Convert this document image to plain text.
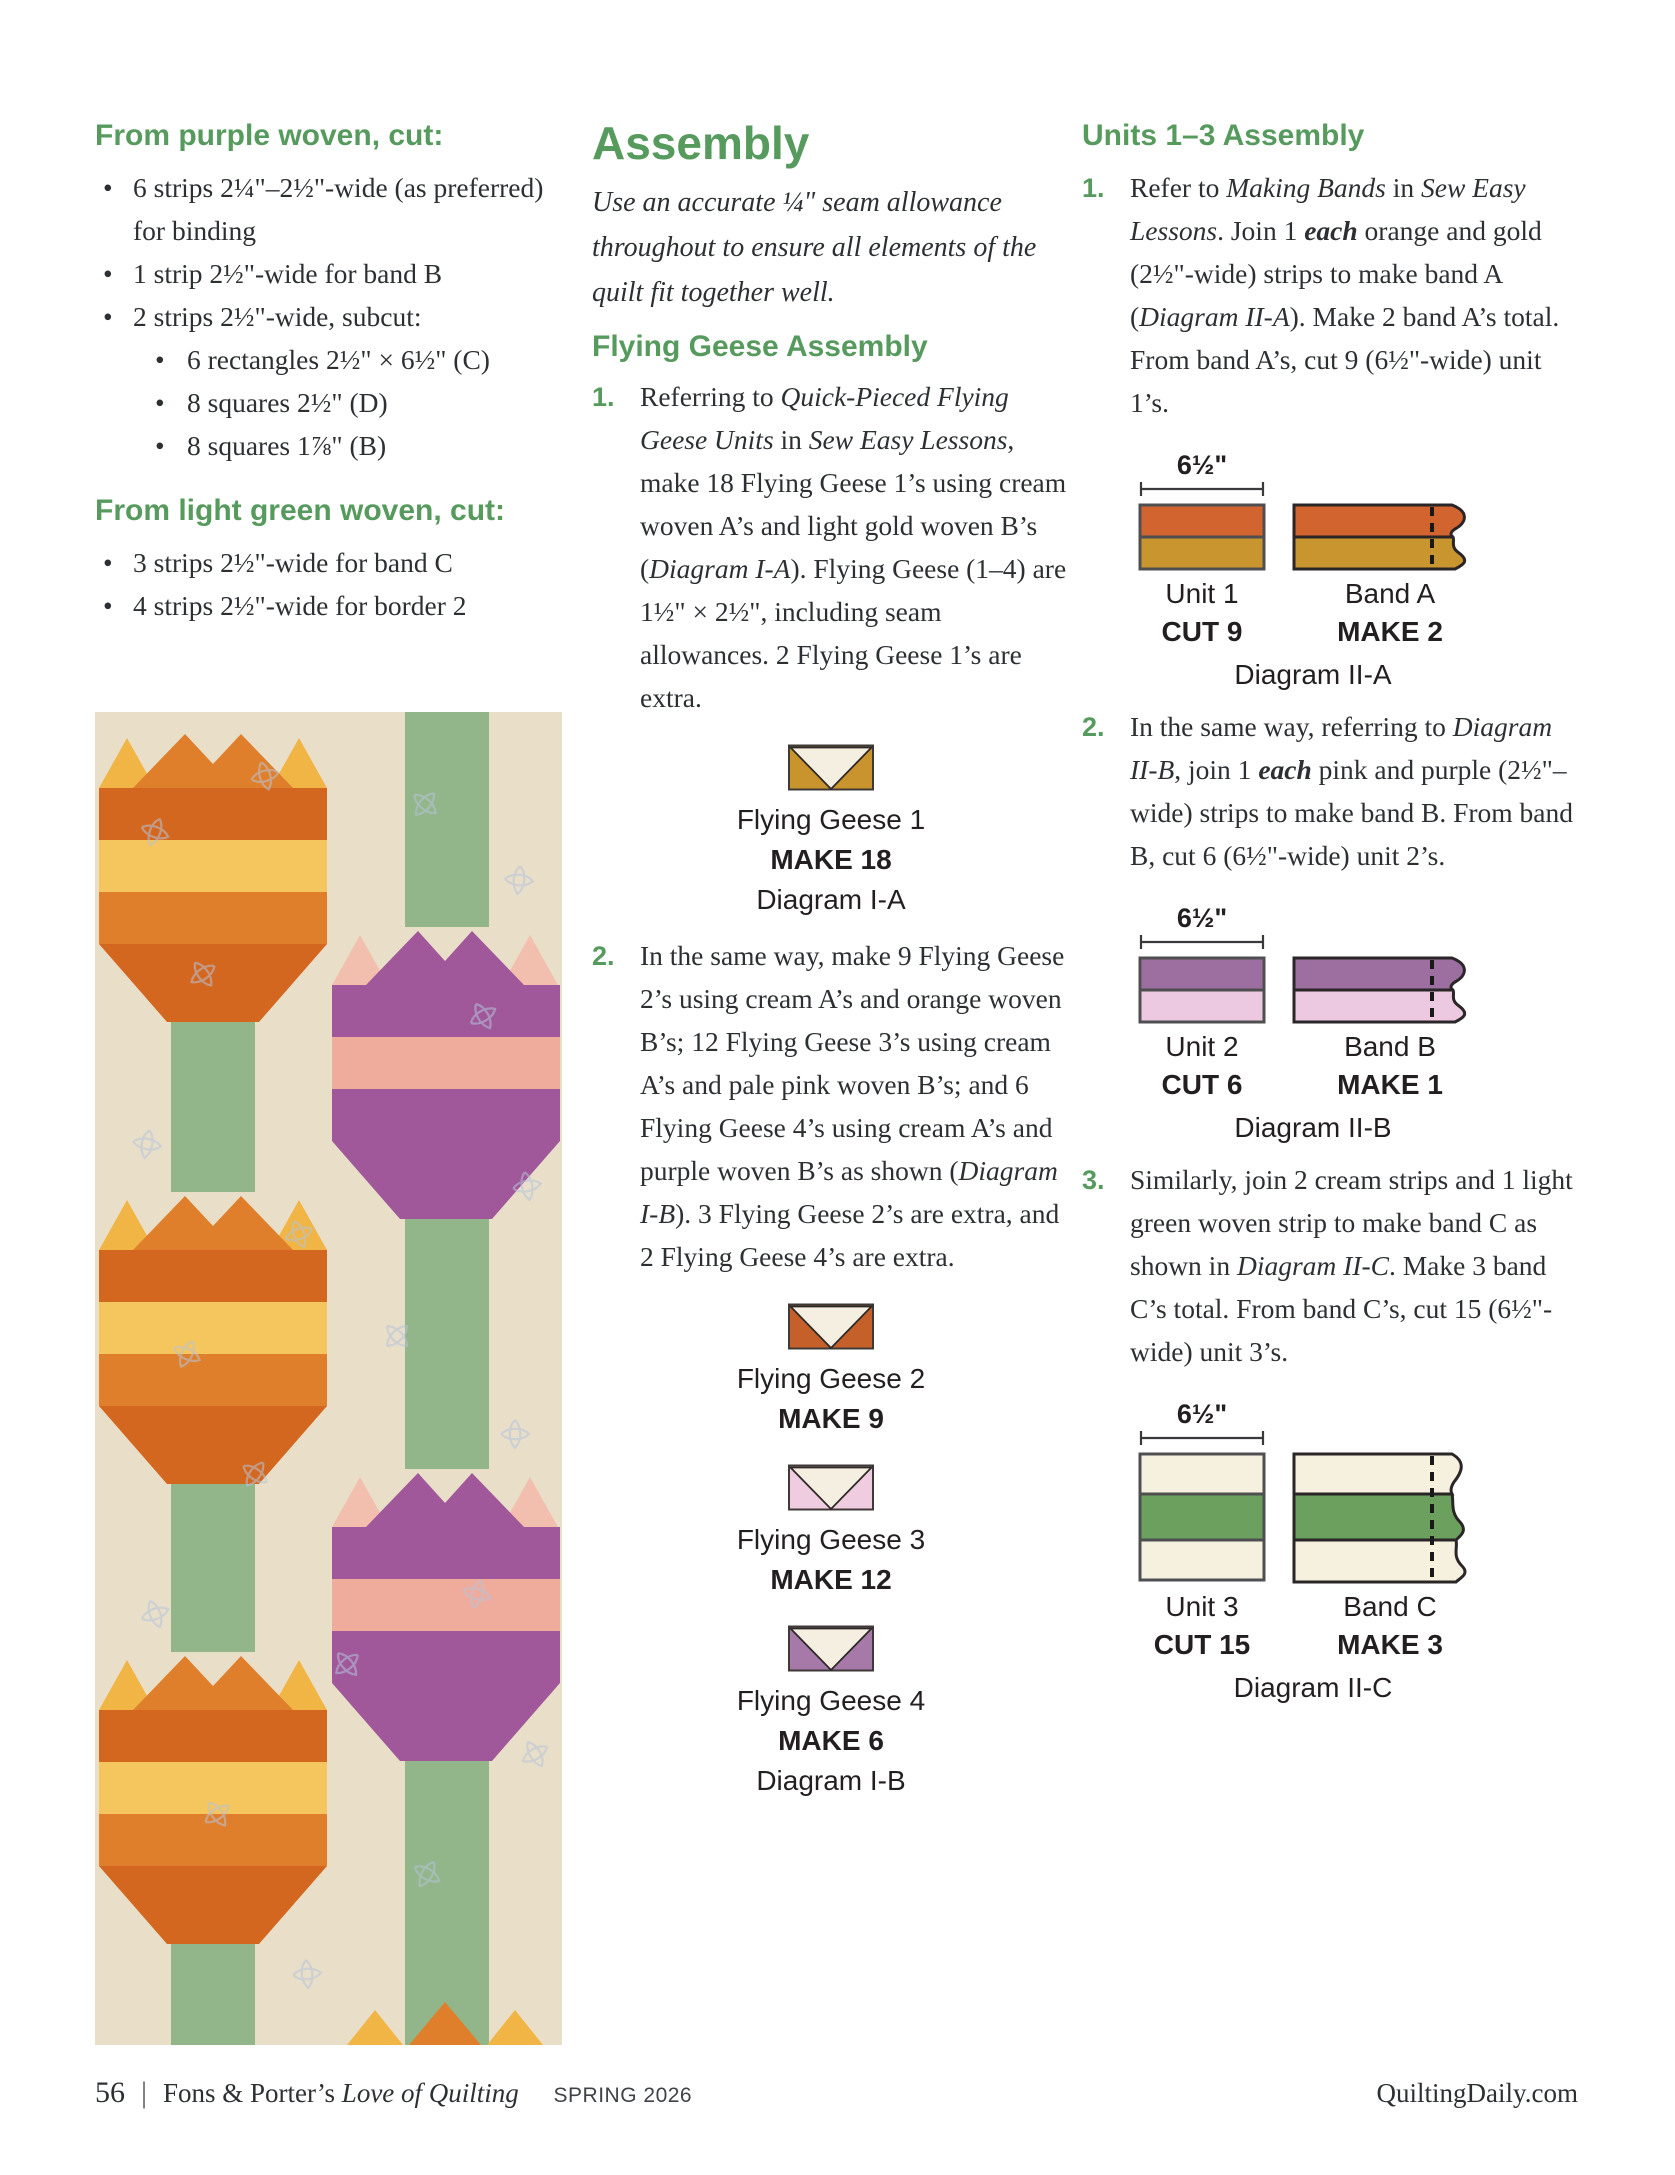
From purple woven, cut:
• 6 strips 2¼"–2½"-wide (as preferred) for binding
• 1 strip 2½"-wide for band B
• 2 strips 2½"-wide, subcut:
• 6 rectangles 2½" × 6½" (C)
• 8 squares 2½" (D)
• 8 squares 1⅞" (B)
From light green woven, cut:
• 3 strips 2½"-wide for band C
• 4 strips 2½"-wide for border 2
Assembly

Use an accurate ¼" seam allowance throughout to ensure all elements of the quilt fit together well.

Flying Geese Assembly
1. Referring to Quick-Pieced Flying Geese Units in Sew Easy Lessons, make 18 Flying Geese 1’s using cream woven A’s and light gold woven B’s (Diagram I-A). Flying Geese (1–4) are 1½" × 2½", including seam allowances. 2 Flying Geese 1’s are extra.
Flying Geese 1
MAKE 18
Diagram I-A
2. In the same way, make 9 Flying Geese 2’s using cream A’s and orange woven B’s; 12 Flying Geese 3’s using cream A’s and pale pink woven B’s; and 6 Flying Geese 4’s using cream A’s and purple woven B’s as shown (Diagram I-B). 3 Flying Geese 2’s are extra, and 2 Flying Geese 4’s are extra.
Flying Geese 2
MAKE 9
Flying Geese 3
MAKE 12
Flying Geese 4
MAKE 6
Diagram I-B
Units 1–3 Assembly
1. Refer to Making Bands in Sew Easy Lessons. Join 1 each orange and gold (2½"-wide) strips to make band A (Diagram II-A). Make 2 band A’s total. From band A’s, cut 9 (6½"-wide) unit 1’s.
6½"
Unit 1	Band A
CUT 9	MAKE 2
Diagram II-A
2. In the same way, referring to Diagram II-B, join 1 each pink and purple (2½"–wide) strips to make band B. From band B, cut 6 (6½"-wide) unit 2’s.
6½"
Unit 2	Band B
CUT 6	MAKE 1
Diagram II-B
3. Similarly, join 2 cream strips and 1 light green woven strip to make band C as shown in Diagram II-C. Make 3 band C’s total. From band C’s, cut 15 (6½"-wide) unit 3’s.
6½"
Unit 3	Band C
CUT 15	MAKE 3
Diagram II-C
56 | Fons & Porter’s Love of Quilting SPRING 2026	QuiltingDaily.com
